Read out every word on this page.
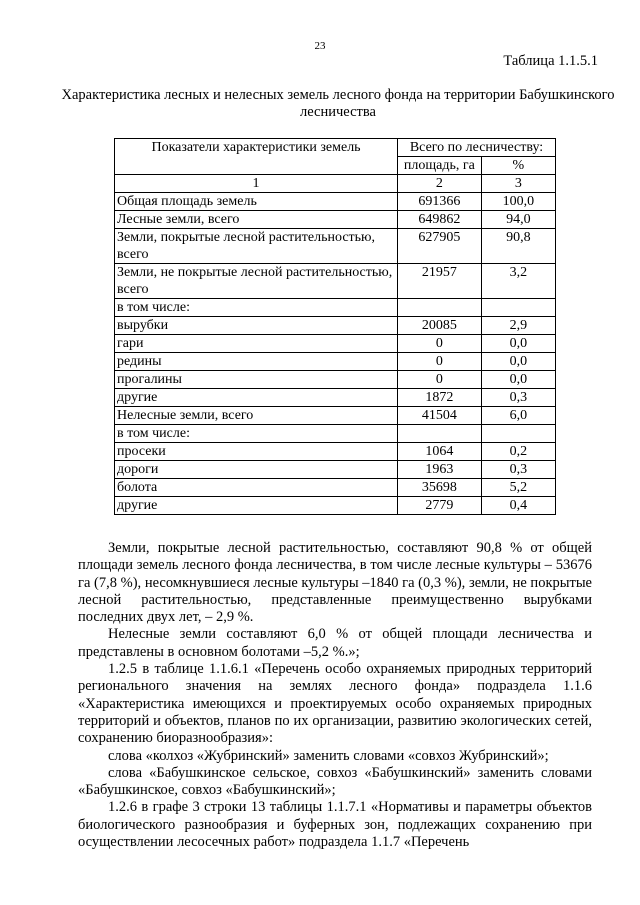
23
Таблица 1.1.5.1
Характеристика лесных и нелесных земель лесного фонда на территории Бабушкинского лесничества
Показатели характеристики земель	Всего по лесничеству:	
	площадь, га	%
1	2	3
Общая площадь земель	691366	100,0
Лесные земли, всего	649862	94,0
Земли, покрытые лесной растительностью, всего	627905	90,8
Земли, не покрытые лесной растительностью, всего	21957	3,2
в том числе:		
вырубки	20085	2,9
гари	0	0,0
редины	0	0,0
прогалины	0	0,0
другие	1872	0,3
Нелесные земли, всего	41504	6,0
в том числе:		
просеки	1064	0,2
дороги	1963	0,3
болота	35698	5,2
другие	2779	0,4

Земли, покрытые лесной растительностью, составляют 90,8 % от общей площади земель лесного фонда лесничества, в том числе лесные культуры – 53676 га (7,8 %), несомкнувшиеся лесные культуры –1840 га (0,3 %), земли, не покрытые лесной растительностью, представленные преимущественно вырубками последних двух лет, – 2,9 %.

Нелесные земли составляют 6,0 % от общей площади лесничества и представлены в основном болотами –5,2 %.»;

1.2.5 в таблице 1.1.6.1 «Перечень особо охраняемых природных территорий регионального значения на землях лесного фонда» подраздела 1.1.6 «Характеристика имеющихся и проектируемых особо охраняемых природных территорий и объектов, планов по их организации, развитию экологических сетей, сохранению биоразнообразия»:

слова «колхоз «Жубринский» заменить словами «совхоз Жубринский»;

слова «Бабушкинское сельское, совхоз «Бабушкинский» заменить словами «Бабушкинское, совхоз «Бабушкинский»;

1.2.6 в графе 3 строки 13 таблицы 1.1.7.1 «Нормативы и параметры объектов биологического разнообразия и буферных зон, подлежащих сохранению при осуществлении лесосечных работ» подраздела 1.1.7 «Перечень
